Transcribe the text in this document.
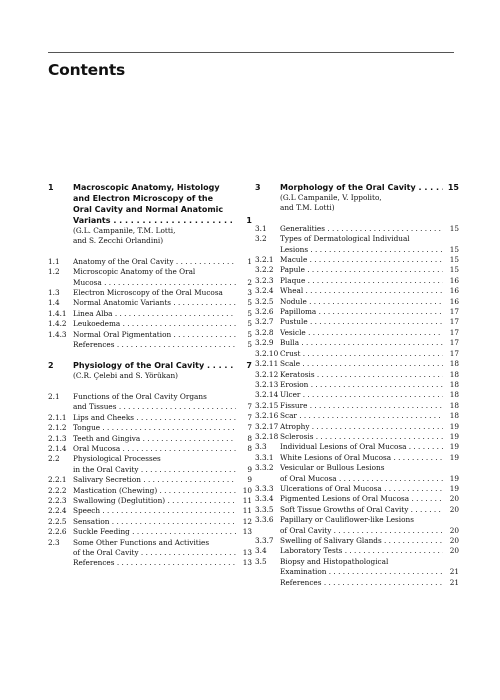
Contents
1 Macroscopic Anatomy, Histology
and Electron Microscopy of the
Oral Cavity and Normal Anatomic
Variants . . .	1
(G.L. Campanile, T.M. Lotti,
and S. Zecchi Orlandini)
1.1 Anatomy of the Oral Cavity . . .	1
1.2 Microscopic Anatomy of the Oral
Mucosa . . .	2
1.3 Electron Microscopy of the Oral Mucosa	3
1.4 Normal Anatomic Variants . . .	5
1.4.1 Linea Alba . . .	5
1.4.2 Leukoedema . . .	5
1.4.3 Normal Oral Pigmentation . . .	5
References . . .	5
2 Physiology of the Oral Cavity . . .	7
(C.R. Çelebi and S. Yörükan)
2.1 Functions of the Oral Cavity Organs
and Tissues . . .	7
2.1.1 Lips and Cheeks . . .	7
2.1.2 Tongue . . .	7
2.1.3 Teeth and Gingiva . . .	8
2.1.4 Oral Mucosa . . .	8
2.2 Physiological Processes
in the Oral Cavity . . .	9
2.2.1 Salivary Secretion . . .	9
2.2.2 Mastication (Chewing) . . .	10
2.2.3 Swallowing (Deglutition) . . .	11
2.2.4 Speech . . .	11
2.2.5 Sensation . . .	12
2.2.6 Suckle Feeding . . .	13
2.3 Some Other Functions and Activities
of the Oral Cavity . . .	13
References . . .	13
3 Morphology of the Oral Cavity . . .	15
(G.L Campanile, V. Ippolito,
and T.M. Lotti)
3.1 Generalities . . .	15
3.2 Types of Dermatological Individual
Lesions . . .	15
3.2.1 Macule . . .	15
3.2.2 Papule . . .	15
3.2.3 Plaque . . .	16
3.2.4 Wheal . . .	16
3.2.5 Nodule . . .	16
3.2.6 Papilloma . . .	17
3.2.7 Pustule . . .	17
3.2.8 Vesicle . . .	17
3.2.9 Bulla . . .	17
3.2.10 Crust . . .	17
3.2.11 Scale . . .	18
3.2.12 Keratosis . . .	18
3.2.13 Erosion . . .	18
3.2.14 Ulcer . . .	18
3.2.15 Fissure . . .	18
3.2.16 Scar . . .	18
3.2.17 Atrophy . . .	19
3.2.18 Sclerosis . . .	19
3.3 Individual Lesions of Oral Mucosa . . .	19
3.3.1 White Lesions of Oral Mucosa . . .	19
3.3.2 Vesicular or Bullous Lesions
of Oral Mucosa . . .	19
3.3.3 Ulcerations of Oral Mucosa . . .	19
3.3.4 Pigmented Lesions of Oral Mucosa . . .	20
3.3.5 Soft Tissue Growths of Oral Cavity . . .	20
3.3.6 Papillary or Cauliflower-like Lesions
of Oral Cavity . . .	20
3.3.7 Swelling of Salivary Glands . . .	20
3.4 Laboratory Tests . . .	20
3.5 Biopsy and Histopathological
Examination . . .	21
References . . .	21
